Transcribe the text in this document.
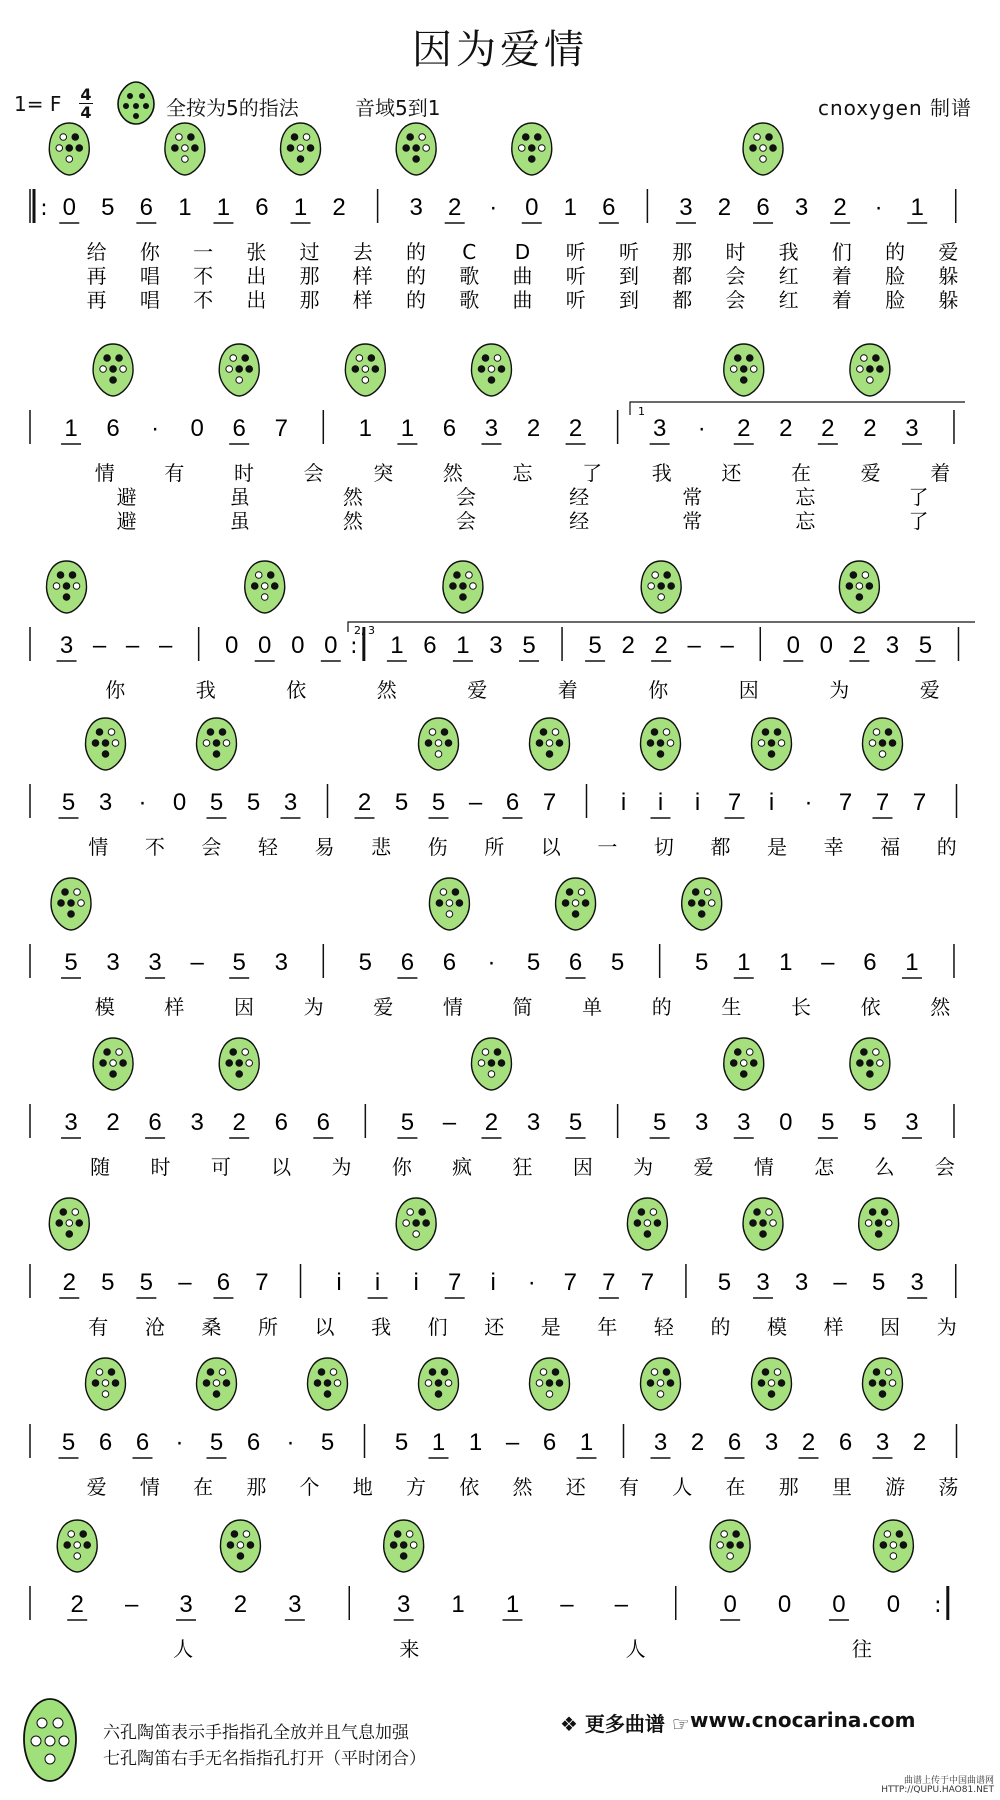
因为爱情
1= F 4
4	全按为5的指法	音域5到1	cnoxygen 制谱
0 5 6 1 1 6 1 2	3 2 · 0 1 6	3 2 6 3 2 · 1
给 你 一 张 过 去 的 C D 听 听 那 时 我 们 的 爱
再 唱 不 出 那 样 的 歌 曲 听 到 都 会 红 着 脸 躲
再 唱 不 出 那 样 的 歌 曲 听 到 都 会 红 着 脸 躲
1 6 · 0 6 7	1 1 6 3 2 2	3 · 2 2 2 2 3
情 有 时 会 突 然 忘 了 我 还 在 爱 着
避	虽	然	会	经	常	忘	了
避	虽	然	会	经	常	忘	了
3 – – – 0 0 0 0 : 1 6 1 3 5 5 2 2 – – 0 0 2 3 5
你	我	依	然	爱	着	你	因	为	爱
5 3 · 0 5 5 3	2 5 5 – 6 7	i i i 7 i · 7 7 7
情 不 会 轻 易 悲 伤 所 以 一 切 都 是 幸 福 的
5 3 3 – 5 3	5 6 6 · 5 6 5	5 1 1 – 6 1
模 样 因 为 爱 情 简 单 的 生 长 依 然
3 2 6 3 2 6 6	5 – 2 3 5	5 3 3 0 5 5 3
随 时 可 以 为 你 疯 狂 因 为 爱 情 怎 么 会
2 5 5 – 6 7	i i i 7 i · 7 7 7	5 3 3 – 5 3
有 沧 桑 所 以 我 们 还 是 年 轻 的 模 样 因 为
5 6 6 · 5 6 · 5	5 1 1 – 6 1	3 2 6 3 2 6 3 2
爱 情 在 那 个 地 方 依 然 还 有 人 在 那 里 游 荡
2 – 3 2 3	3 1 1 – –	0 0 0 0 :
人	来	人	往
:
1
2, 3
六孔陶笛表示手指指孔全放并且气息加强
七孔陶笛右手无名指指孔打开（平时闭合）
❖ 更多曲谱 ☞ www.cnocarina.com
曲谱上传于中国曲谱网
HTTP://QUPU.HAO81.NET
